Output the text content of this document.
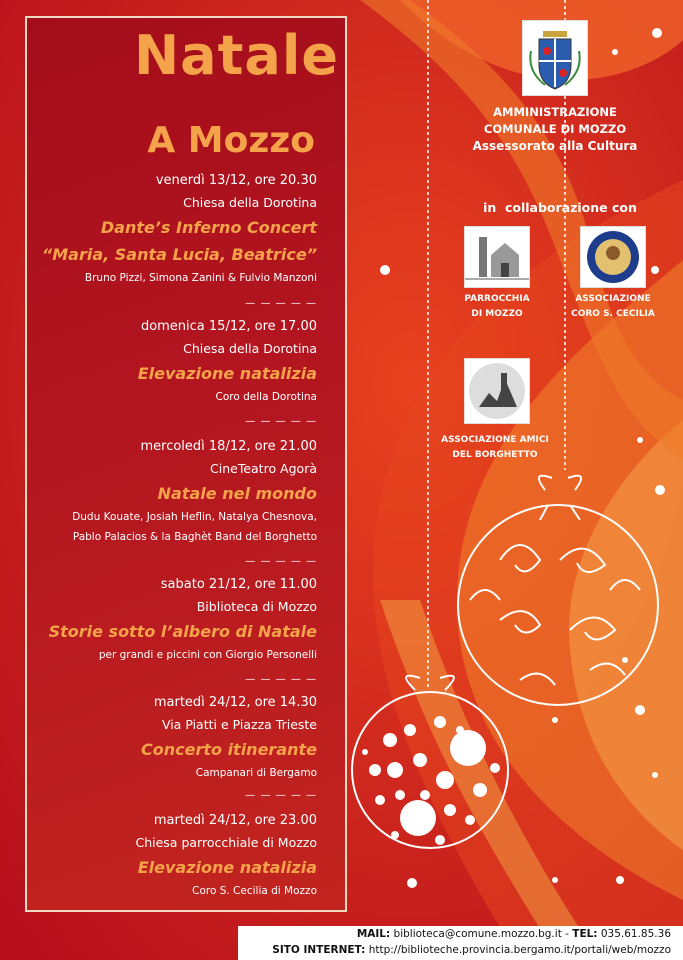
Natale
A Mozzo
venerdì 13/12, ore 20.30
Chiesa della Dorotina
Dante’s Inferno Concert
“Maria, Santa Lucia, Beatrice”
Bruno Pizzi, Simona Zanini & Fulvio Manzoni
— — — — —
domenica 15/12, ore 17.00
Chiesa della Dorotina
Elevazione natalizia
Coro della Dorotina
— — — — —
mercoledì 18/12, ore 21.00
CineTeatro Agorà
Natale nel mondo
Dudu Kouate, Josiah Heflin, Natalya Chesnova,
Pablo Palacios & la Baghèt Band del Borghetto
— — — — —
sabato 21/12, ore 11.00
Biblioteca di Mozzo
Storie sotto l’albero di Natale
per grandi e piccini con Giorgio Personelli
— — — — —
martedì 24/12, ore 14.30
Via Piatti e Piazza Trieste
Concerto itinerante
Campanari di Bergamo
— — — — —
martedì 24/12, ore 23.00
Chiesa parrocchiale di Mozzo
Elevazione natalizia
Coro S. Cecilia di Mozzo
AMMINISTRAZIONE
COMUNALE DI MOZZO
Assessorato alla Cultura
in  collaborazione con
PARROCCHIA
DI MOZZO
ASSOCIAZIONE
CORO S. CECILIA
ASSOCIAZIONE AMICI
DEL BORGHETTO
MAIL: biblioteca@comune.mozzo.bg.it - TEL: 035.61.85.36
SITO INTERNET: http://biblioteche.provincia.bergamo.it/portali/web/mozzo
